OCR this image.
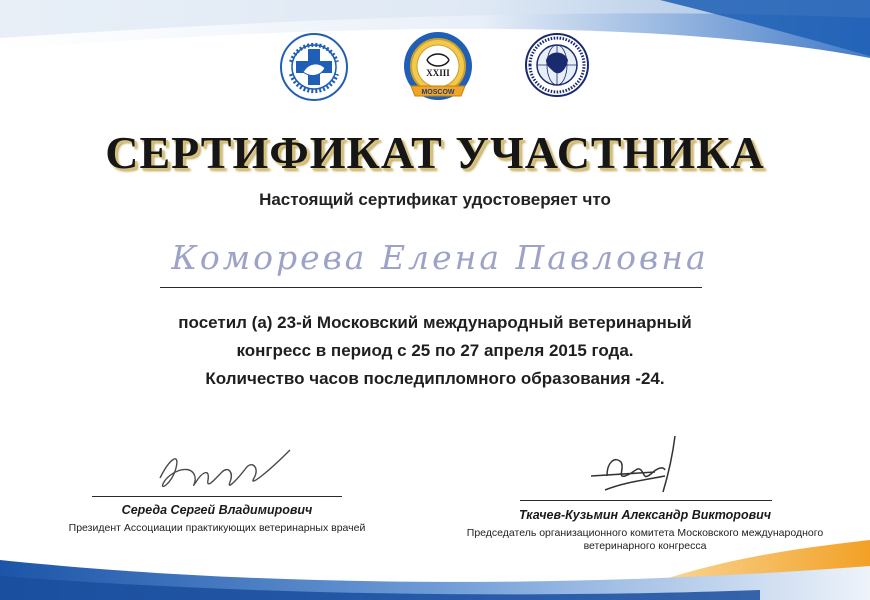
XXIII
MOSCOW
СЕРТИФИКАТ УЧАСТНИКА
Настоящий сертификат удостоверяет что
Коморева Елена Павловна
посетил (а) 23-й Московский международный ветеринарный
конгресс в период с 25 по 27 апреля 2015 года.
Количество часов последипломного образования -24.
Середа Сергей Владимирович
Президент Ассоциации практикующих ветеринарных врачей
Ткачев-Кузьмин Александр Викторович
Председатель организационного комитета Московского международного
ветеринарного конгресса
